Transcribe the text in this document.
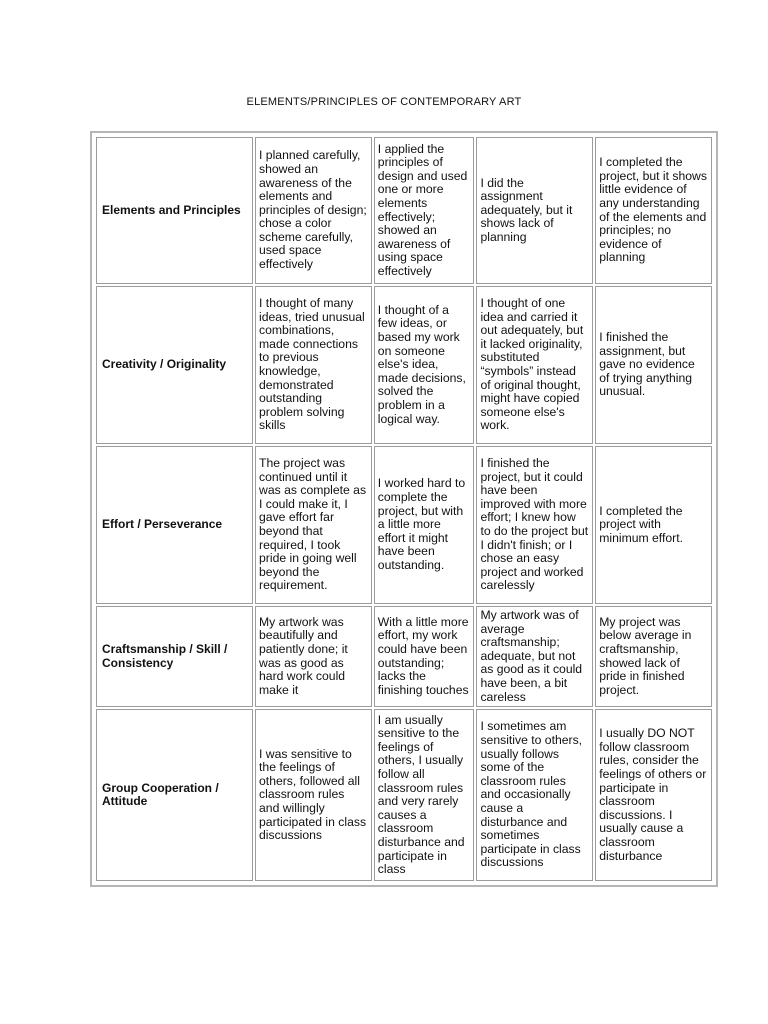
ELEMENTS/PRINCIPLES OF CONTEMPORARY ART
Elements and Principles	I planned carefully, showed an awareness of the elements and principles of design; chose a color scheme carefully, used space effectively	I applied the principles of design and used one or more elements effectively; showed an awareness of using space effectively	I did the assignment adequately, but it shows lack of planning	I completed the project, but it shows little evidence of any understanding of the elements and principles; no evidence of planning
Creativity / Originality	I thought of many ideas, tried unusual combinations, made connections to previous knowledge, demonstrated outstanding problem solving skills	I thought of a few ideas, or based my work on someone else's idea, made decisions, solved the problem in a logical way.	I thought of one idea and carried it out adequately, but it lacked originality, substituted “symbols” instead of original thought, might have copied someone else's work.	I finished the assignment, but gave no evidence of trying anything unusual.
Effort / Perseverance	The project was continued until it was as complete as I could make it, I gave effort far beyond that required, I took pride in going well beyond the requirement.	I worked hard to complete the project, but with a little more effort it might have been outstanding.	I finished the project, but it could have been improved with more effort; I knew how to do the project but I didn't finish; or I chose an easy project and worked carelessly	I completed the project with minimum effort.
Craftsmanship / Skill / Consistency	My artwork was beautifully and patiently done; it was as good as hard work could make it	With a little more effort, my work could have been outstanding; lacks the finishing touches	My artwork was of average craftsmanship; adequate, but not as good as it could have been, a bit careless	My project was below average in craftsmanship, showed lack of pride in finished project.
Group Cooperation / Attitude	I was sensitive to the feelings of others, followed all classroom rules and willingly participated in class discussions	I am usually sensitive to the feelings of others, I usually follow all classroom rules and very rarely causes a classroom disturbance and participate in class	I sometimes am sensitive to others, usually follows some of the classroom rules and occasionally cause a disturbance and sometimes participate in class discussions	I usually DO NOT follow classroom rules, consider the feelings of others or participate in classroom discussions. I usually cause a classroom disturbance
